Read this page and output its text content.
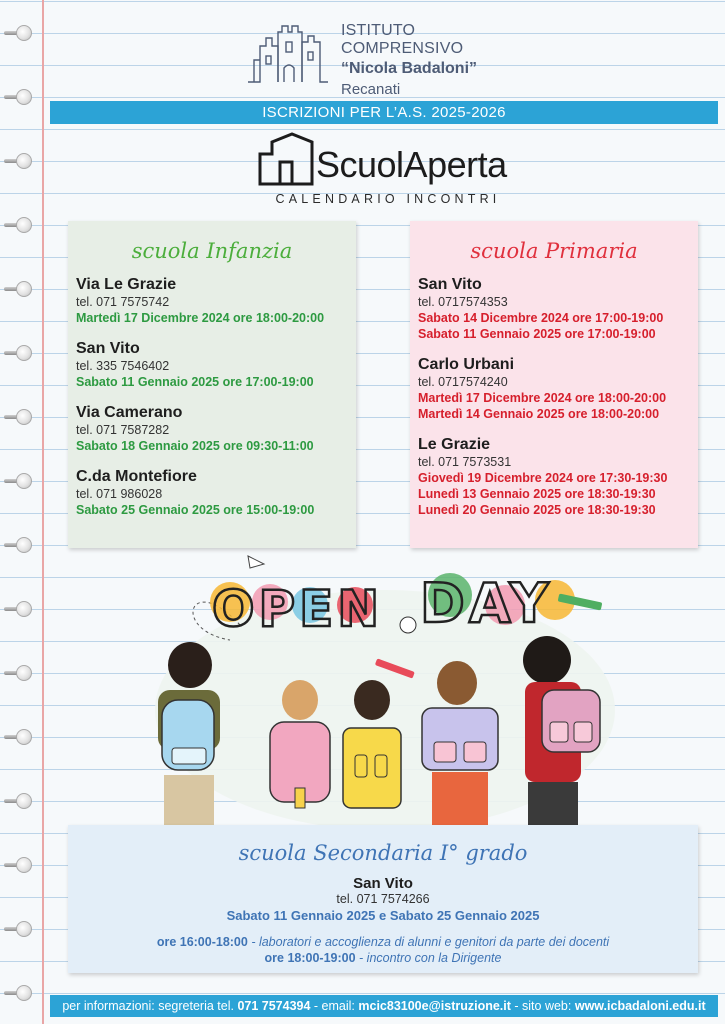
ISTITUTO COMPRENSIVO
“Nicola Badaloni”
Recanati
ISCRIZIONI PER L’A.S. 2025-2026
ScuolAperta
CALENDARIO INCONTRI
scuola Infanzia
Via Le Grazie
tel. 071 7575742
Martedì 17 Dicembre 2024 ore 18:00-20:00
San Vito
tel. 335 7546402
Sabato 11 Gennaio 2025 ore 17:00-19:00
Via Camerano
tel. 071 7587282
Sabato 18 Gennaio 2025 ore 09:30-11:00
C.da Montefiore
tel. 071 986028
Sabato 25 Gennaio 2025 ore 15:00-19:00
scuola Primaria
San Vito
tel. 0717574353
Sabato 14 Dicembre 2024 ore 17:00-19:00
Sabato 11 Gennaio 2025 ore 17:00-19:00
Carlo Urbani
tel. 0717574240
Martedì 17 Dicembre 2024 ore 18:00-20:00
Martedì 14 Gennaio 2025 ore 18:00-20:00
Le Grazie
tel. 071 7573531
Giovedì 19 Dicembre 2024 ore 17:30-19:30
Lunedì 13 Gennaio 2025 ore 18:30-19:30
Lunedì 20 Gennaio 2025 ore 18:30-19:30
OPEN DAY
scuola Secondaria I° grado
San Vito
tel. 071 7574266
Sabato 11 Gennaio 2025 e Sabato 25 Gennaio 2025
ore 16:00-18:00 - laboratori e accoglienza di alunni e genitori da parte dei docenti
ore 18:00-19:00 - incontro con la Dirigente
per informazioni: segreteria tel. 071 7574394 - email: mcic83100e@istruzione.it - sito web: www.icbadaloni.edu.it
